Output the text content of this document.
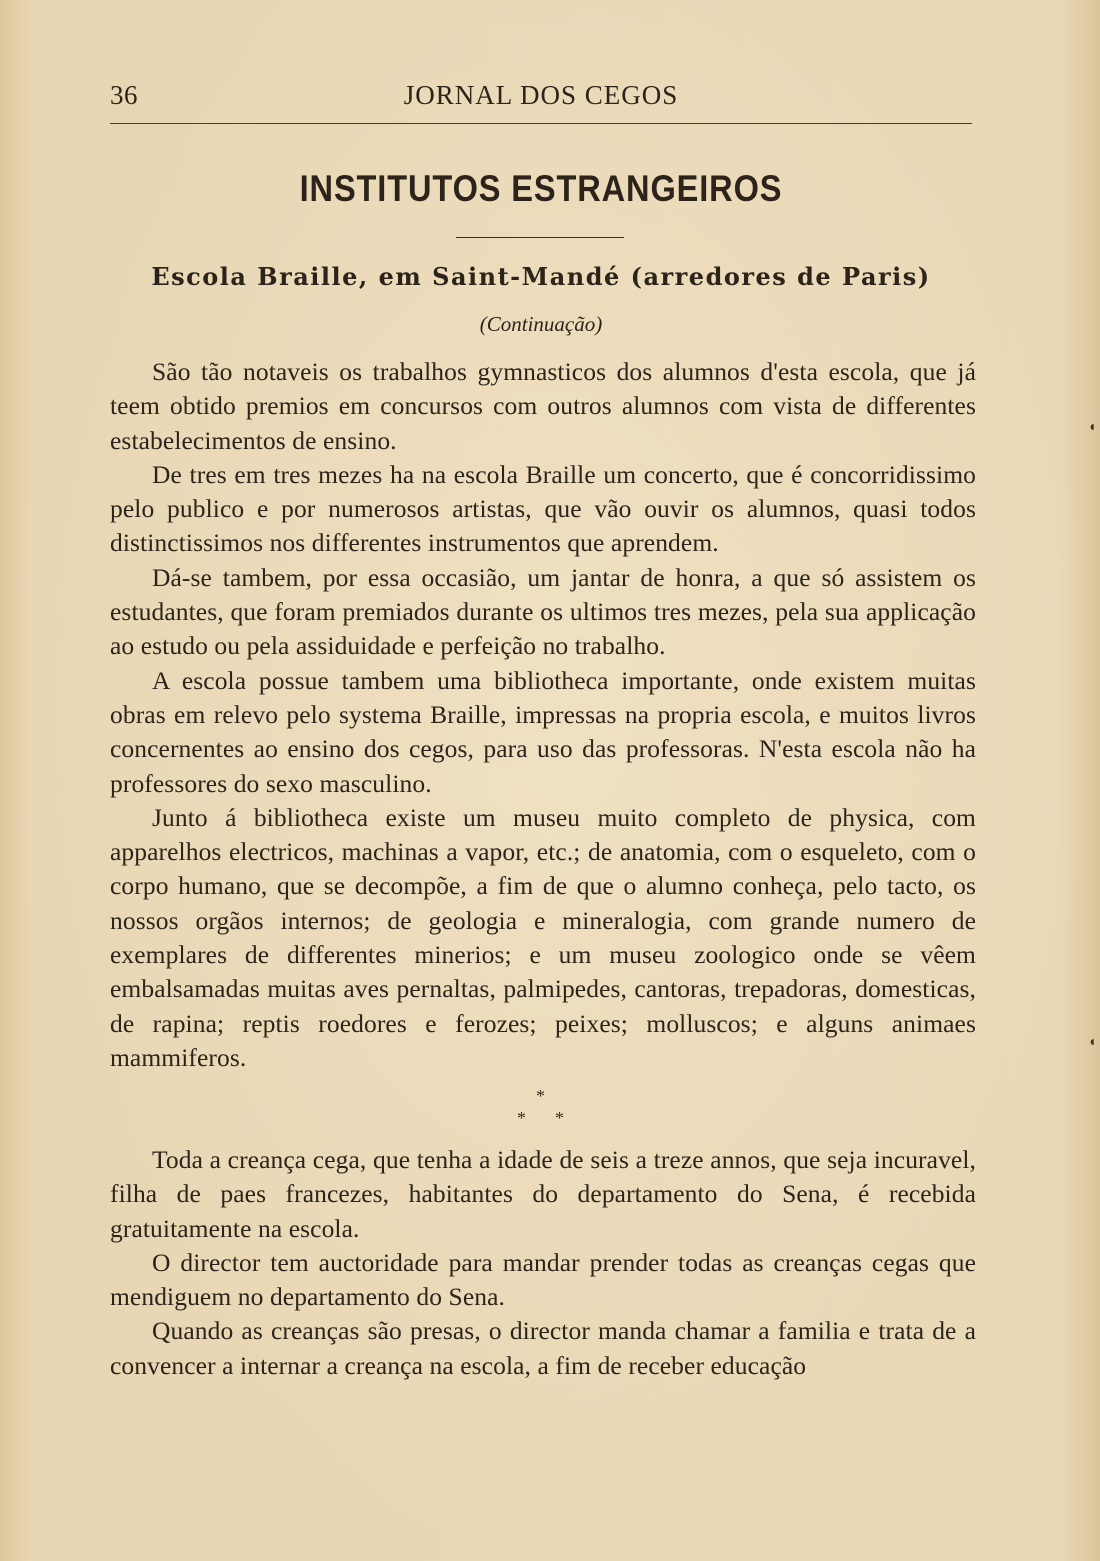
36	JORNAL DOS CEGOS
INSTITUTOS ESTRANGEIROS
Escola Braille, em Saint-Mandé (arredores de Paris)
(Continuação)

São tão notaveis os trabalhos gymnasticos dos alumnos d'esta escola, que já teem obtido premios em concursos com outros alumnos com vista de differentes estabelecimentos de ensino.

De tres em tres mezes ha na escola Braille um concerto, que é concorridissimo pelo publico e por numerosos artistas, que vão ouvir os alumnos, quasi todos distinctissimos nos differentes instrumentos que aprendem.

Dá-se tambem, por essa occasião, um jantar de honra, a que só assistem os estudantes, que foram premiados durante os ultimos tres mezes, pela sua applicação ao estudo ou pela assiduidade e perfeição no trabalho.

A escola possue tambem uma bibliotheca importante, onde existem muitas obras em relevo pelo systema Braille, impressas na propria escola, e muitos livros concernentes ao ensino dos cegos, para uso das professoras. N'esta escola não ha professores do sexo masculino.

Junto á bibliotheca existe um museu muito completo de physica, com apparelhos electricos, machinas a vapor, etc.; de anatomia, com o esqueleto, com o corpo humano, que se decompõe, a fim de que o alumno conheça, pelo tacto, os nossos orgãos internos; de geologia e mineralogia, com grande numero de exemplares de differentes minerios; e um museu zoologico onde se vêem embalsamadas muitas aves pernaltas, palmipedes, cantoras, trepadoras, domesticas, de rapina; reptis roedores e ferozes; peixes; molluscos; e alguns animaes mammiferos.

*
* *

Toda a creança cega, que tenha a idade de seis a treze annos, que seja incuravel, filha de paes francezes, habitantes do departamento do Sena, é recebida gratuitamente na escola.

O director tem auctoridade para mandar prender todas as creanças cegas que mendiguem no departamento do Sena.

Quando as creanças são presas, o director manda chamar a familia e trata de a convencer a internar a creança na escola, a fim de receber educação

◖
◖
